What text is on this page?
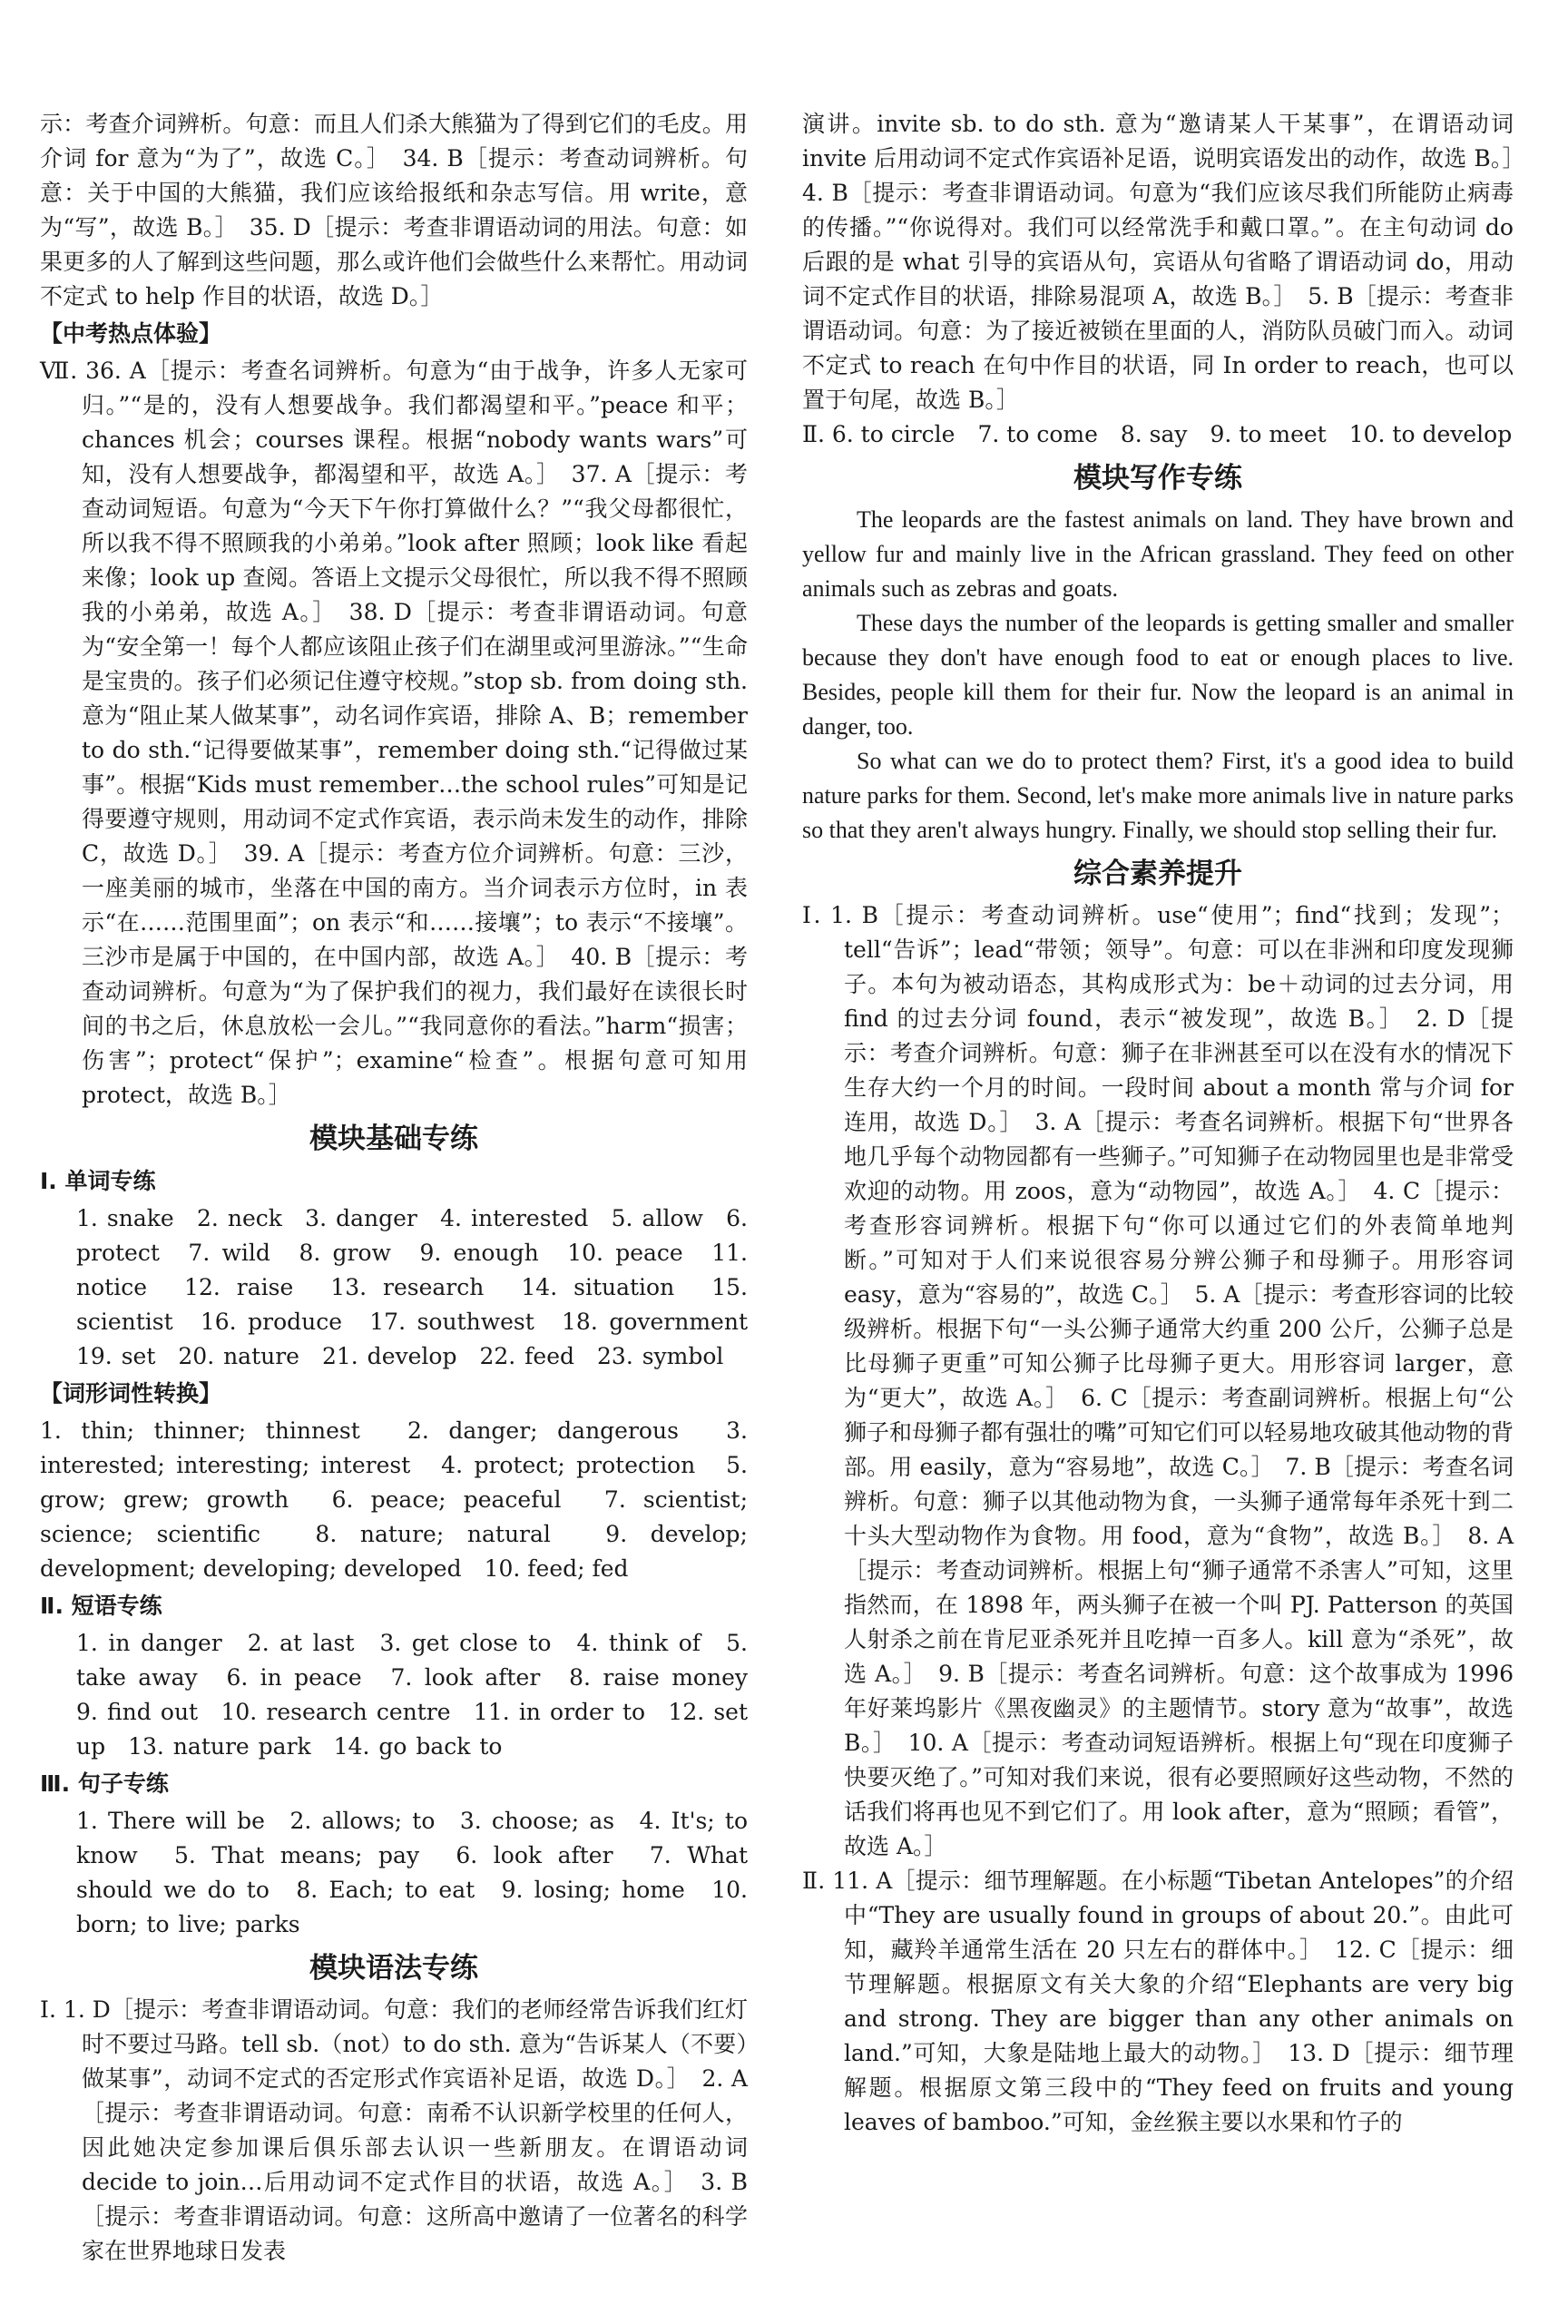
示：考查介词辨析。句意：而且人们杀大熊猫为了得到它们的毛皮。用介词 for 意为“为了”，故选 C。］　34. B［提示：考查动词辨析。句意：关于中国的大熊猫，我们应该给报纸和杂志写信。用 write，意为“写”，故选 B。］　35. D［提示：考查非谓语动词的用法。句意：如果更多的人了解到这些问题，那么或许他们会做些什么来帮忙。用动词不定式 to help 作目的状语，故选 D。］

【中考热点体验】

Ⅶ. 36. A［提示：考查名词辨析。句意为“由于战争，许多人无家可归。”“是的，没有人想要战争。我们都渴望和平。”peace 和平；chances 机会；courses 课程。根据“nobody wants wars”可知，没有人想要战争，都渴望和平，故选 A。］　37. A［提示：考查动词短语。句意为“今天下午你打算做什么？”“我父母都很忙，所以我不得不照顾我的小弟弟。”look after 照顾；look like 看起来像；look up 查阅。答语上文提示父母很忙，所以我不得不照顾我的小弟弟，故选 A。］　38. D［提示：考查非谓语动词。句意为“安全第一！每个人都应该阻止孩子们在湖里或河里游泳。”“生命是宝贵的。孩子们必须记住遵守校规。”stop sb. from doing sth. 意为“阻止某人做某事”，动名词作宾语，排除 A、B；remember to do sth.“记得要做某事”，remember doing sth.“记得做过某事”。根据“Kids must remember…the school rules”可知是记得要遵守规则，用动词不定式作宾语，表示尚未发生的动作，排除 C，故选 D。］　39. A［提示：考查方位介词辨析。句意：三沙，一座美丽的城市，坐落在中国的南方。当介词表示方位时，in 表示“在……范围里面”；on 表示“和……接壤”；to 表示“不接壤”。三沙市是属于中国的，在中国内部，故选 A。］　40. B［提示：考查动词辨析。句意为“为了保护我们的视力，我们最好在读很长时间的书之后，休息放松一会儿。”“我同意你的看法。”harm“损害；伤害”；protect“保护”；examine“检查”。根据句意可知用 protect，故选 B。］

模块基础专练
Ⅰ. 单词专练

1. snake　2. neck　3. danger　4. interested　5. allow　6. protect　7. wild　8. grow　9. enough　10. peace　11. notice　12. raise　13. research　14. situation　15. scientist　16. produce　17. southwest　18. government　19. set　20. nature　21. develop　22. feed　23. symbol

【词形词性转换】

1. thin; thinner; thinnest　2. danger; dangerous　3. interested; interesting; interest　4. protect; protection　5. grow; grew; growth　6. peace; peaceful　7. scientist; science; scientific　8. nature; natural　9. develop; development; developing; developed　10. feed; fed

Ⅱ. 短语专练

1. in danger　2. at last　3. get close to　4. think of　5. take away　6. in peace　7. look after　8. raise money　9. find out　10. research centre　11. in order to　12. set up　13. nature park　14. go back to

Ⅲ. 句子专练

1. There will be　2. allows; to　3. choose; as　4. It's; to know　5. That means; pay　6. look after　7. What should we do to　8. Each; to eat　9. losing; home　10. born; to live; parks

模块语法专练

Ⅰ. 1. D［提示：考查非谓语动词。句意：我们的老师经常告诉我们红灯时不要过马路。tell sb.（not）to do sth. 意为“告诉某人（不要）做某事”，动词不定式的否定形式作宾语补足语，故选 D。］　2. A［提示：考查非谓语动词。句意：南希不认识新学校里的任何人，因此她决定参加课后俱乐部去认识一些新朋友。在谓语动词 decide to join…后用动词不定式作目的状语，故选 A。］　3. B［提示：考查非谓语动词。句意：这所高中邀请了一位著名的科学家在世界地球日发表

演讲。invite sb. to do sth. 意为“邀请某人干某事”，在谓语动词 invite 后用动词不定式作宾语补足语，说明宾语发出的动作，故选 B。］　4. B［提示：考查非谓语动词。句意为“我们应该尽我们所能防止病毒的传播。”“你说得对。我们可以经常洗手和戴口罩。”。在主句动词 do 后跟的是 what 引导的宾语从句，宾语从句省略了谓语动词 do，用动词不定式作目的状语，排除易混项 A，故选 B。］　5. B［提示：考查非谓语动词。句意：为了接近被锁在里面的人，消防队员破门而入。动词不定式 to reach 在句中作目的状语，同 In order to reach，也可以置于句尾，故选 B。］

Ⅱ. 6. to circle　7. to come　8. say　9. to meet　10. to develop

模块写作专练

The leopards are the fastest animals on land. They have brown and yellow fur and mainly live in the African grassland. They feed on other animals such as zebras and goats.

These days the number of the leopards is getting smaller and smaller because they don't have enough food to eat or enough places to live. Besides, people kill them for their fur. Now the leopard is an animal in danger, too.

So what can we do to protect them? First, it's a good idea to build nature parks for them. Second, let's make more animals live in nature parks so that they aren't always hungry. Finally, we should stop selling their fur.

综合素养提升

Ⅰ. 1. B［提示：考查动词辨析。use“使用”；find“找到；发现”；tell“告诉”；lead“带领；领导”。句意：可以在非洲和印度发现狮子。本句为被动语态，其构成形式为：be＋动词的过去分词，用 find 的过去分词 found，表示“被发现”，故选 B。］　2. D［提示：考查介词辨析。句意：狮子在非洲甚至可以在没有水的情况下生存大约一个月的时间。一段时间 about a month 常与介词 for 连用，故选 D。］　3. A［提示：考查名词辨析。根据下句“世界各地几乎每个动物园都有一些狮子。”可知狮子在动物园里也是非常受欢迎的动物。用 zoos，意为“动物园”，故选 A。］　4. C［提示：考查形容词辨析。根据下句“你可以通过它们的外表简单地判断。”可知对于人们来说很容易分辨公狮子和母狮子。用形容词 easy，意为“容易的”，故选 C。］　5. A［提示：考查形容词的比较级辨析。根据下句“一头公狮子通常大约重 200 公斤，公狮子总是比母狮子更重”可知公狮子比母狮子更大。用形容词 larger，意为“更大”，故选 A。］　6. C［提示：考查副词辨析。根据上句“公狮子和母狮子都有强壮的嘴”可知它们可以轻易地攻破其他动物的背部。用 easily，意为“容易地”，故选 C。］　7. B［提示：考查名词辨析。句意：狮子以其他动物为食，一头狮子通常每年杀死十到二十头大型动物作为食物。用 food，意为“食物”，故选 B。］　8. A［提示：考查动词辨析。根据上句“狮子通常不杀害人”可知，这里指然而，在 1898 年，两头狮子在被一个叫 PJ. Patterson 的英国人射杀之前在肯尼亚杀死并且吃掉一百多人。kill 意为“杀死”，故选 A。］　9. B［提示：考查名词辨析。句意：这个故事成为 1996 年好莱坞影片《黑夜幽灵》的主题情节。story 意为“故事”，故选 B。］　10. A［提示：考查动词短语辨析。根据上句“现在印度狮子快要灭绝了。”可知对我们来说，很有必要照顾好这些动物，不然的话我们将再也见不到它们了。用 look after，意为“照顾；看管”，故选 A。］

Ⅱ. 11. A［提示：细节理解题。在小标题“Tibetan Antelopes”的介绍中“They are usually found in groups of about 20.”。由此可知，藏羚羊通常生活在 20 只左右的群体中。］　12. C［提示：细节理解题。根据原文有关大象的介绍“Elephants are very big and strong. They are bigger than any other animals on land.”可知，大象是陆地上最大的动物。］　13. D［提示：细节理解题。根据原文第三段中的“They feed on fruits and young leaves of bamboo.”可知，金丝猴主要以水果和竹子的
